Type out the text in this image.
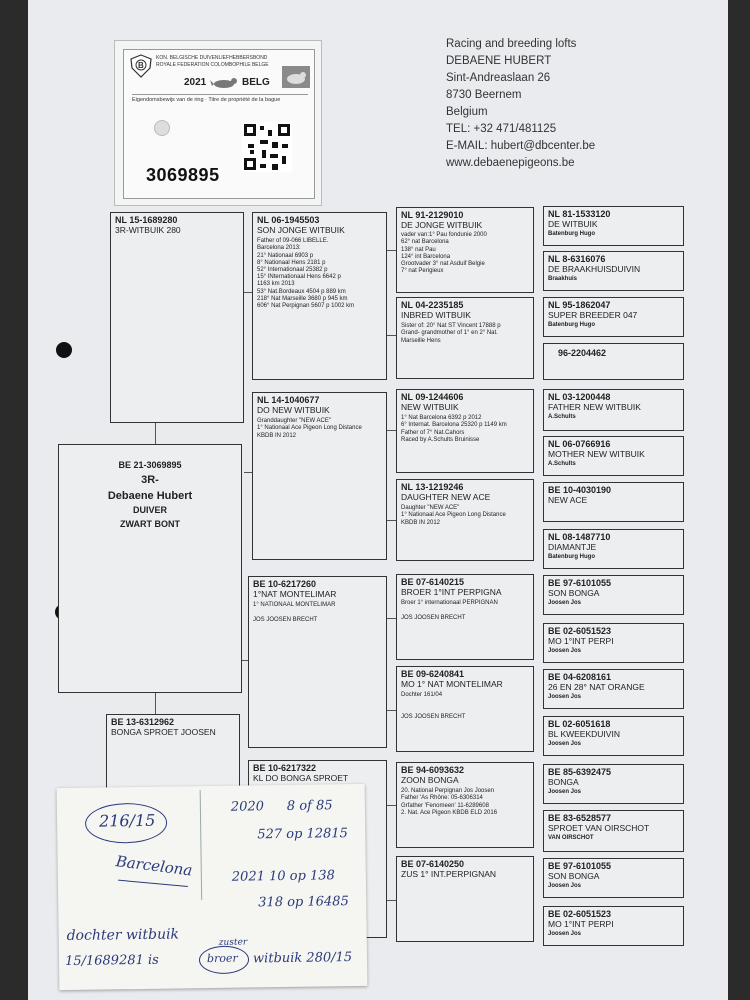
B
KON. BELGISCHE DUIVENLIEFHEBBERSBOND
ROYALE FEDERATION COLOMBOPHILE BELGE
2021	BELG
Eigendomsbewijs van de ring · Titre de propriété de la bague
3069895
Racing and breeding lofts
DEBAENE HUBERT
Sint-Andreaslaan 26
8730 Beernem
Belgium
TEL: +32 471/481125
E-MAIL: hubert@dbcenter.be
www.debaenepigeons.be
BE 21-3069895
3R-
Debaene Hubert
DUIVER
ZWART BONT
NL 15-1689280
3R-WITBUIK 280
BE 13-6312962
BONGA SPROET JOOSEN
NL 06-1945503
SON JONGE WITBUIK
Father of 09-066 LIBELLE.
Barcelona 2013:
21° Nationaal 6903 p
8° Nationaal Hens 2181 p
52° Internationaal 25382 p
15° INternationaal Hens 6642 p
1163 km 2013
53° Nat.Bordeaux 4504 p 889 km
218° Nat Marseille 3680 p 945 km
606° Nat Perpignan 5607 p 1002 km
NL 14-1040677
DO NEW WITBUIK
Granddaughter "NEW ACE"
1° Nationaal Ace Pigeon Long Distance
KBDB IN 2012
BE 10-6217260
1°NAT MONTELIMAR
1° NATIONAAL MONTELIMAR

JOS JOOSEN BRECHT
BE 10-6217322
KL DO BONGA SPROET
NL 91-2129010
DE JONGE WITBUIK
vader van:1° Pau fondunie 2000
62° nat Barcelona
138° nat Pau
124° int Barcelona
Grootvader 3° nat Asduif Belgie
7° nat Perigieux
NL 04-2235185
INBRED WITBUIK
Sister of: 20° Nat ST Vincent 17888 p
Grand- grandmother of 1° en 2° Nat.
Marseille Hens
NL 09-1244606
NEW WITBUIK
1° Nat Barcelona 6392 p 2012
6° Internat. Barcelona 25320 p 1149 km
Father of 7° Nat.Cahors
Raced by A.Schults Bruinisse
NL 13-1219246
DAUGHTER NEW ACE
Daughter "NEW ACE"
1° Nationaal Ace Pigeon Long Distance
KBDB IN 2012
BE 07-6140215
BROER 1°INT PERPIGNA
Broer 1° internationaal PERPIGNAN

JOS JOOSEN BRECHT
BE 09-6240841
MO 1° NAT MONTELIMAR
Dochter 161/04

JOS JOOSEN BRECHT
BE 94-6093632
ZOON BONGA
20. National Perpignan Jos Joosen
Father 'As Rhône: 05-6306314
Grfather 'Fenomeen' 11-6289608
2. Nat. Ace Pigeon KBDB ELD 2016
BE 07-6140250
ZUS 1° INT.PERPIGNAN
NL 81-1533120
DE WITBUIK
Batenburg Hugo
NL 8-6316076
DE BRAAKHUISDUIVIN
Braakhuis
NL 95-1862047
SUPER BREEDER 047
Batenburg Hugo
96-2204462
NL 03-1200448
FATHER NEW WITBUIK
A.Schults
NL 06-0766916
MOTHER NEW WITBUIK
A.Schults
BE 10-4030190
NEW ACE
NL 08-1487710
DIAMANTJE
Batenburg Hugo
BE 97-6101055
SON BONGA
Joosen Jos
BE 02-6051523
MO 1°INT PERPI
Joosen Jos
BE 04-6208161
26 EN 28° NAT ORANGE
Joosen Jos
BL 02-6051618
BL KWEEKDUIVIN
Joosen Jos
BE 85-6392475
BONGA
Joosen Jos
BE 83-6528577
SPROET VAN OIRSCHOT
VAN OIRSCHOT
BE 97-6101055
SON BONGA
Joosen Jos
BE 02-6051523
MO 1°INT PERPI
Joosen Jos
216/15
Barcelona
2020 8 of 85
527 op 12815
2021 10 op 138
318 op 16485
dochter witbuik	zuster
15/1689281 is	broer witbuik 280/15
